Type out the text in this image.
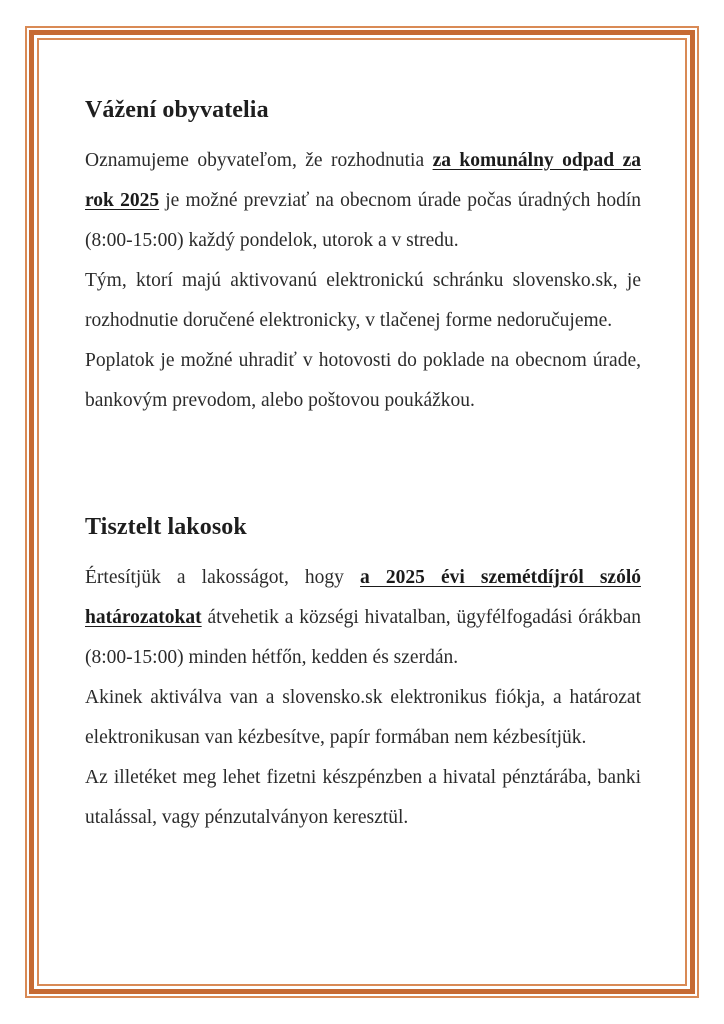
Vážení obyvatelia

Oznamujeme obyvateľom, že rozhodnutia za komunálny odpad za rok 2025 je možné prevziať na obecnom úrade počas úradných hodín (8:00-15:00) každý pondelok, utorok a v stredu.

Tým, ktorí majú aktivovanú elektronickú schránku slovensko.sk, je rozhodnutie doručené elektronicky, v tlačenej forme nedoručujeme.

Poplatok je možné uhradiť v hotovosti do poklade na obecnom úrade, bankovým prevodom, alebo poštovou poukážkou.

Tisztelt lakosok

Értesítjük a lakosságot, hogy a 2025 évi szemétdíjról szóló határozatokat átvehetik a községi hivatalban, ügyfélfogadási órákban (8:00-15:00) minden hétfőn, kedden és szerdán.

Akinek aktiválva van a slovensko.sk elektronikus fiókja, a határozat elektronikusan van kézbesítve, papír formában nem kézbesítjük.

Az illetéket meg lehet fizetni készpénzben a hivatal pénztárába, banki utalással, vagy pénzutalványon keresztül.
